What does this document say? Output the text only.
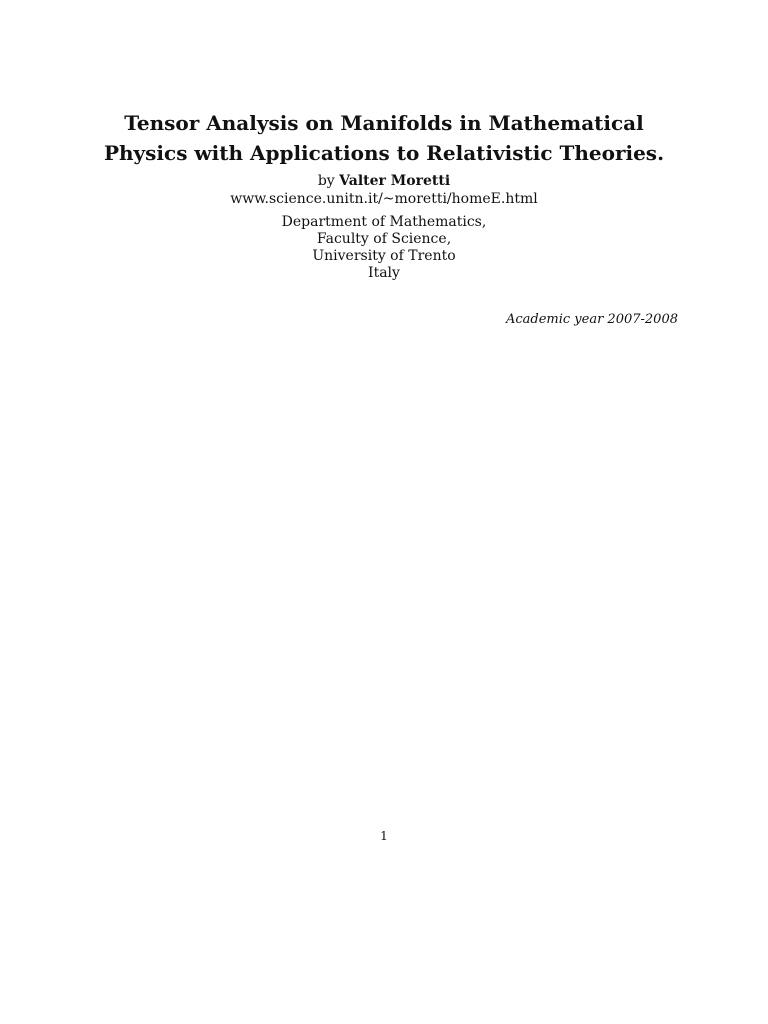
Tensor Analysis on Manifolds in Mathematical
Physics with Applications to Relativistic Theories.
by Valter Moretti
www.science.unitn.it/~moretti/homeE.html
Department of Mathematics,
Faculty of Science,
University of Trento
Italy
Academic year 2007-2008
1
